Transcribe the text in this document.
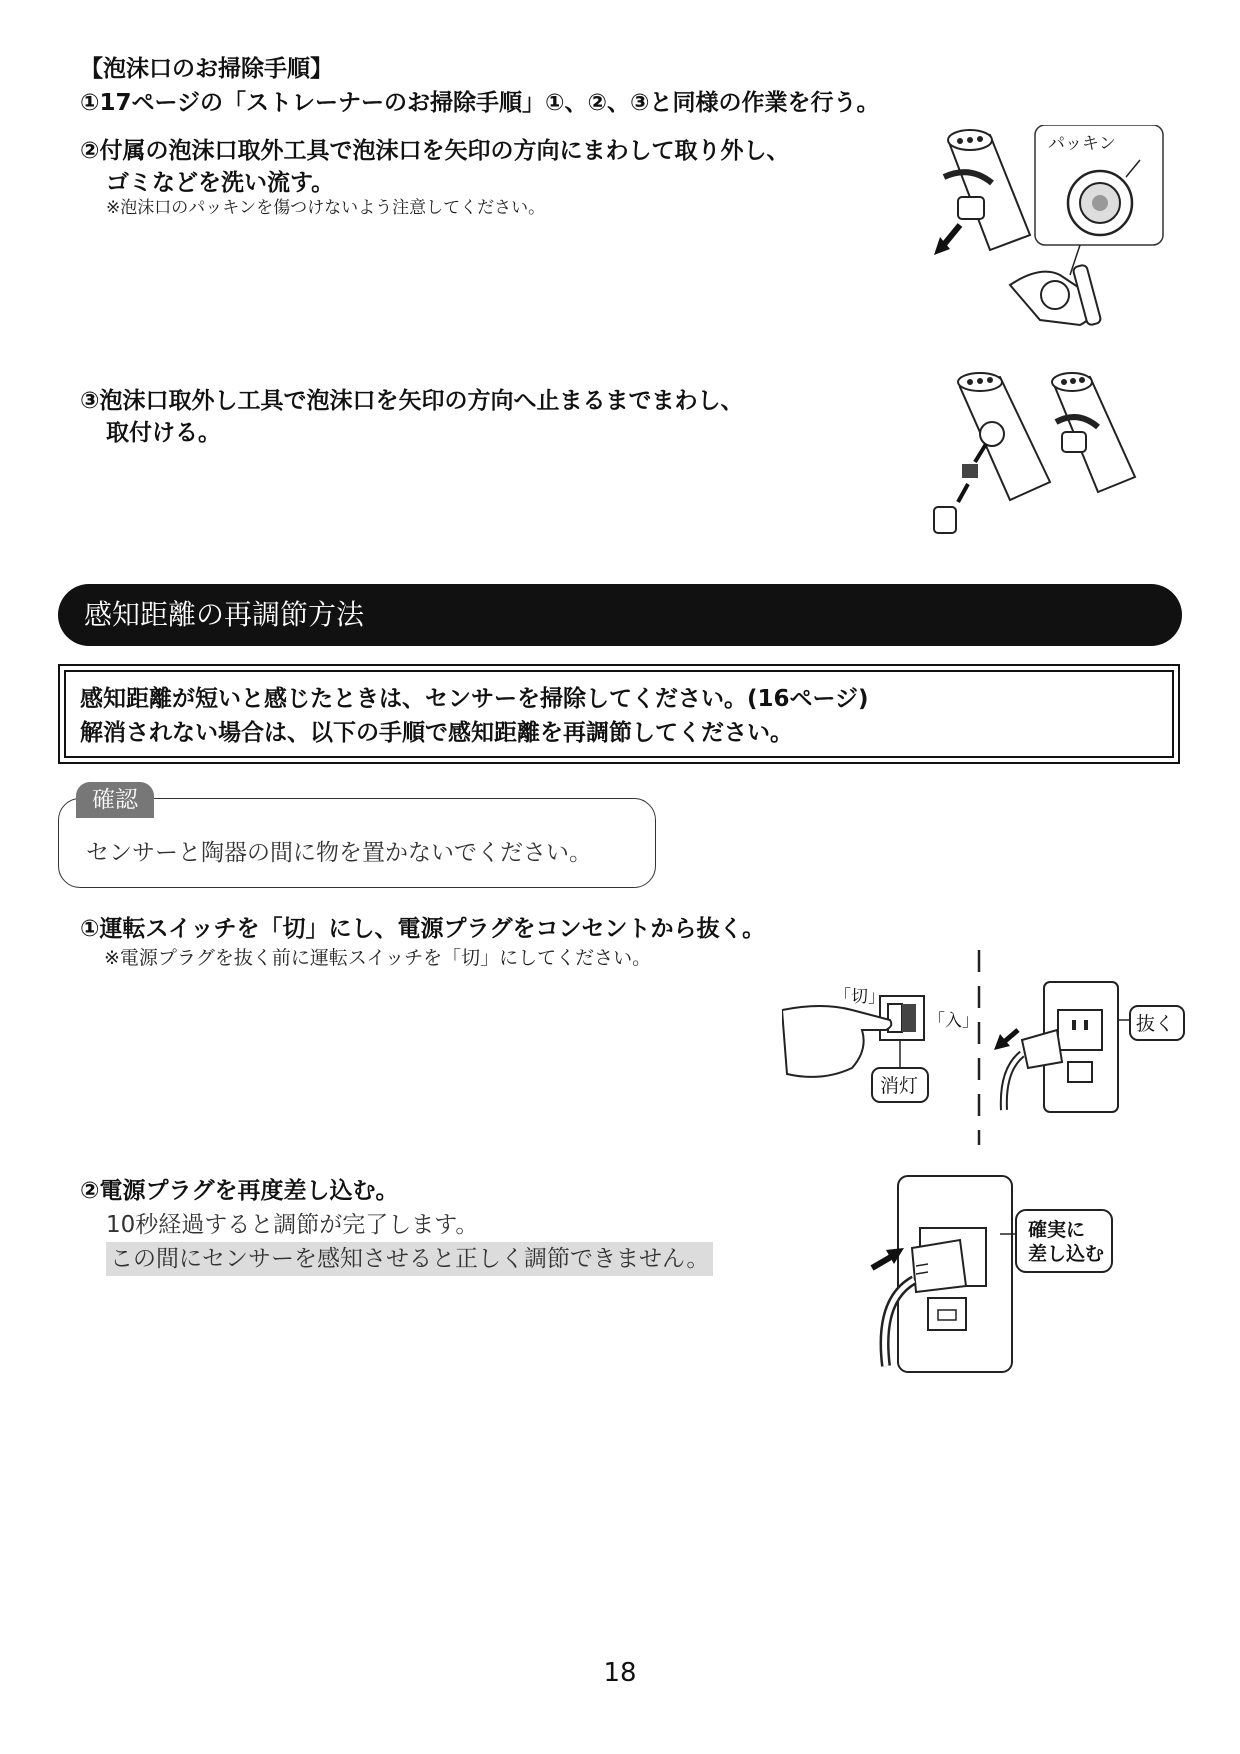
【泡沫口のお掃除手順】
①17ページの「ストレーナーのお掃除手順」①、②、③と同様の作業を行う。
②付属の泡沫口取外工具で泡沫口を矢印の方向にまわして取り外し、
ゴミなどを洗い流す。
※泡沫口のパッキンを傷つけないよう注意してください。
パッキン
③泡沫口取外し工具で泡沫口を矢印の方向へ止まるまでまわし、
取付ける。
感知距離の再調節方法
感知距離が短いと感じたときは、センサーを掃除してください。(16ページ)
解消されない場合は、以下の手順で感知距離を再調節してください。
確認
センサーと陶器の間に物を置かないでください。
①運転スイッチを「切」にし、電源プラグをコンセントから抜く。
※電源プラグを抜く前に運転スイッチを「切」にしてください。
「切」
「入」
消灯
抜く
②電源プラグを再度差し込む。
10秒経過すると調節が完了します。
この間にセンサーを感知させると正しく調節できません。
確実に
差し込む
18
